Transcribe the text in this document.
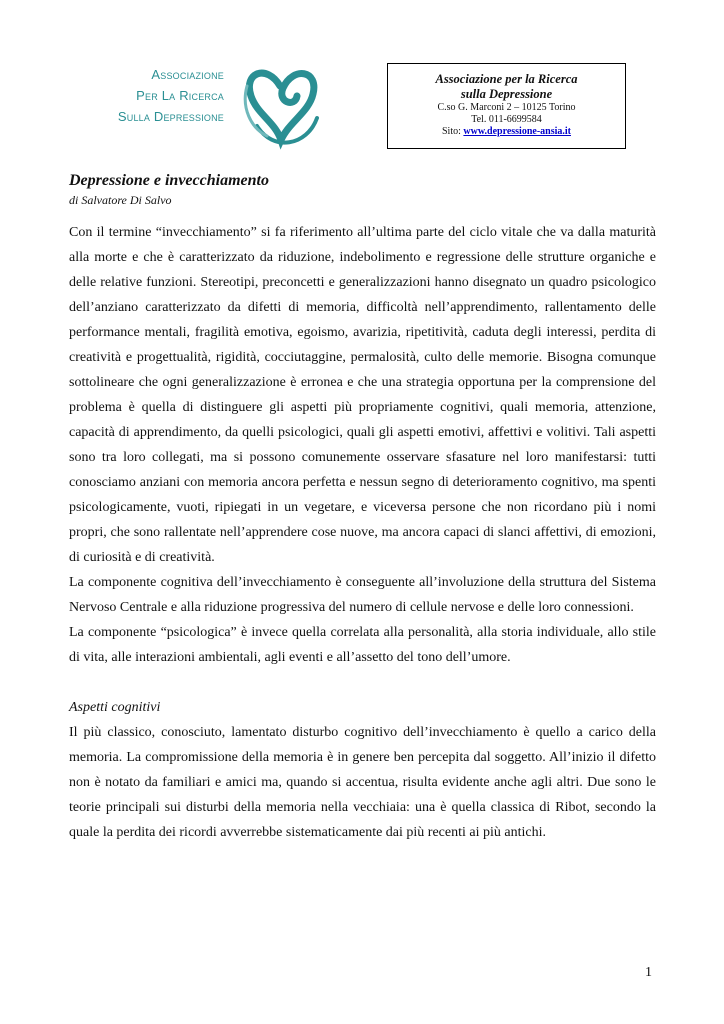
Associazione
Per La Ricerca
Sulla Depressione
Associazione per la Ricerca
sulla Depressione
C.so G. Marconi 2 – 10125 Torino
Tel. 011-6699584
Sito: www.depressione-ansia.it
Depressione e invecchiamento
di Salvatore Di Salvo

Con il termine “invecchiamento” si fa riferimento all’ultima parte del ciclo vitale che va dalla maturità alla morte e che è caratterizzato da riduzione, indebolimento e regressione delle strutture organiche e delle relative funzioni. Stereotipi, preconcetti e generalizzazioni hanno disegnato un quadro psicologico dell’anziano caratterizzato da difetti di memoria, difficoltà nell’apprendimento, rallentamento delle performance mentali, fragilità emotiva, egoismo, avarizia, ripetitività, caduta degli interessi, perdita di creatività e progettualità, rigidità, cocciutaggine, permalosità, culto delle memorie. Bisogna comunque sottolineare che ogni generalizzazione è erronea e che una strategia opportuna per la comprensione del problema è quella di distinguere gli aspetti più propriamente cognitivi, quali memoria, attenzione, capacità di apprendimento, da quelli psicologici, quali gli aspetti emotivi, affettivi e volitivi. Tali aspetti sono tra loro collegati, ma si possono comunemente osservare sfasature nel loro manifestarsi: tutti conosciamo anziani con memoria ancora perfetta e nessun segno di deterioramento cognitivo, ma spenti psicologicamente, vuoti, ripiegati in un vegetare, e viceversa persone che non ricordano più i nomi propri, che sono rallentate nell’apprendere cose nuove, ma ancora capaci di slanci affettivi, di emozioni, di curiosità e di creatività.

La componente cognitiva dell’invecchiamento è conseguente all’involuzione della struttura del Sistema Nervoso Centrale e alla riduzione progressiva del numero di cellule nervose e delle loro connessioni.

La componente “psicologica” è invece quella correlata alla personalità, alla storia individuale, allo stile di vita, alle interazioni ambientali, agli eventi e all’assetto del tono dell’umore.

Aspetti cognitivi

Il più classico, conosciuto, lamentato disturbo cognitivo dell’invecchiamento è quello a carico della memoria. La compromissione della memoria è in genere ben percepita dal soggetto. All’inizio il difetto non è notato da familiari e amici ma, quando si accentua, risulta evidente anche agli altri. Due sono le teorie principali sui disturbi della memoria nella vecchiaia: una è quella classica di Ribot, secondo la quale la perdita dei ricordi avverrebbe sistematicamente dai più recenti ai più antichi.

1
